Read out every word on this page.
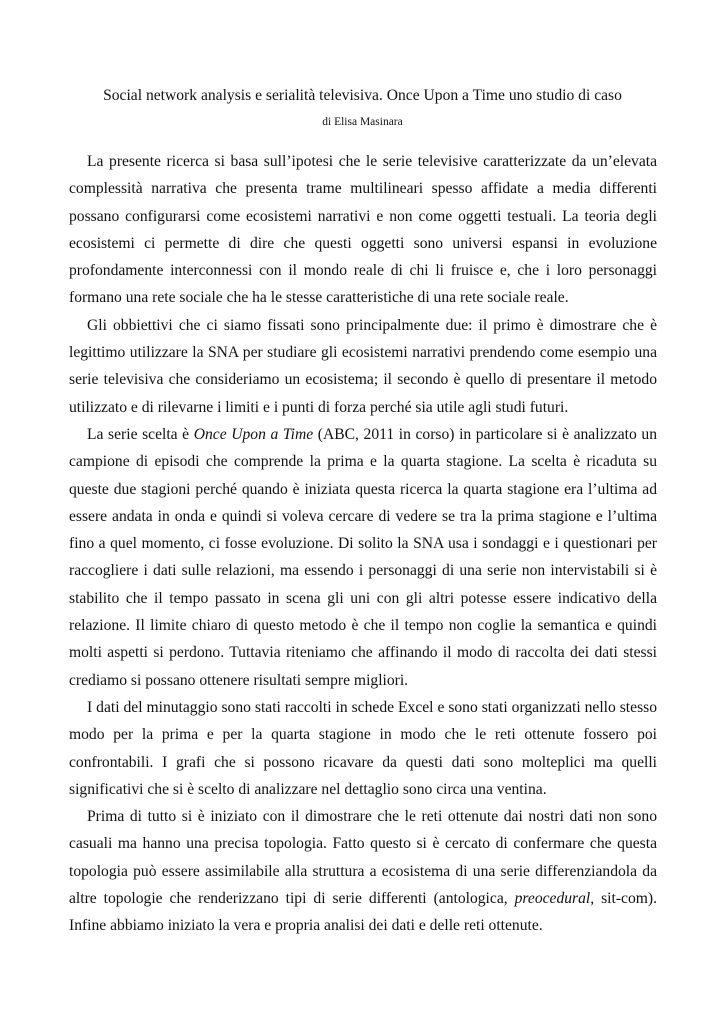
Social network analysis e serialità televisiva. Once Upon a Time uno studio di caso
di Elisa Masinara

La presente ricerca si basa sull’ipotesi che le serie televisive caratterizzate da un’elevata complessità narrativa che presenta trame multilineari spesso affidate a media differenti possano configurarsi come ecosistemi narrativi e non come oggetti testuali. La teoria degli ecosistemi ci permette di dire che questi oggetti sono universi espansi in evoluzione profondamente interconnessi con il mondo reale di chi li fruisce e, che i loro personaggi formano una rete sociale che ha le stesse caratteristiche di una rete sociale reale.

Gli obbiettivi che ci siamo fissati sono principalmente due: il primo è dimostrare che è legittimo utilizzare la SNA per studiare gli ecosistemi narrativi prendendo come esempio una serie televisiva che consideriamo un ecosistema; il secondo è quello di presentare il metodo utilizzato e di rilevarne i limiti e i punti di forza perché sia utile agli studi futuri.

La serie scelta è Once Upon a Time (ABC, 2011 in corso) in particolare si è analizzato un campione di episodi che comprende la prima e la quarta stagione. La scelta è ricaduta su queste due stagioni perché quando è iniziata questa ricerca la quarta stagione era l’ultima ad essere andata in onda e quindi si voleva cercare di vedere se tra la prima stagione e l’ultima fino a quel momento, ci fosse evoluzione. Di solito la SNA usa i sondaggi e i questionari per raccogliere i dati sulle relazioni, ma essendo i personaggi di una serie non intervistabili si è stabilito che il tempo passato in scena gli uni con gli altri potesse essere indicativo della relazione. Il limite chiaro di questo metodo è che il tempo non coglie la semantica e quindi molti aspetti si perdono. Tuttavia riteniamo che affinando il modo di raccolta dei dati stessi crediamo si possano ottenere risultati sempre migliori.

I dati del minutaggio sono stati raccolti in schede Excel e sono stati organizzati nello stesso modo per la prima e per la quarta stagione in modo che le reti ottenute fossero poi confrontabili. I grafi che si possono ricavare da questi dati sono molteplici ma quelli significativi che si è scelto di analizzare nel dettaglio sono circa una ventina.

Prima di tutto si è iniziato con il dimostrare che le reti ottenute dai nostri dati non sono casuali ma hanno una precisa topologia. Fatto questo si è cercato di confermare che questa topologia può essere assimilabile alla struttura a ecosistema di una serie differenziandola da altre topologie che renderizzano tipi di serie differenti (antologica, preocedural, sit-com). Infine abbiamo iniziato la vera e propria analisi dei dati e delle reti ottenute.
